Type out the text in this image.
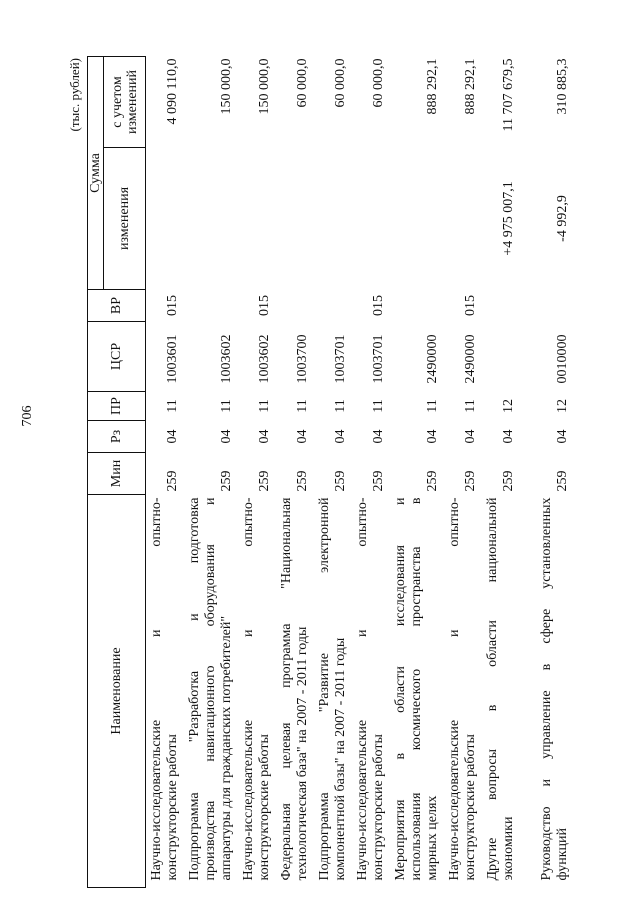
706
(тыс. рублей)
Наименование	Мин	Рз	ПР	ЦСР	ВР	Сумма	
						изменения	с учетом изменений

Научно-исследовательские и опытно- конструкторские работы	259	04	11	1003601	015		4 090 110,0

Подпрограмма "Разработка и подготовка производства навигационного оборудования и аппаратуры для гражданских потребителей"	259	04	11	1003602			150 000,0

Научно-исследовательские и опытно- конструкторские работы	259	04	11	1003602	015		150 000,0

Федеральная целевая программа "Национальная технологическая база" на 2007 - 2011 годы	259	04	11	1003700			60 000,0

Подпрограмма "Развитие электронной компонентной базы" на 2007 - 2011 годы	259	04	11	1003701			60 000,0

Научно-исследовательские и опытно- конструкторские работы	259	04	11	1003701	015		60 000,0

Мероприятия в области исследования и использования космического пространства в мирных целях	259	04	11	2490000			888 292,1

Научно-исследовательские и опытно- конструкторские работы	259	04	11	2490000	015		888 292,1

Другие вопросы в области национальной экономики	259	04	12			+4 975 007,1	11 707 679,5

Руководство и управление в сфере установленных функций	259	04	12	0010000		-4 992,9	310 885,3
